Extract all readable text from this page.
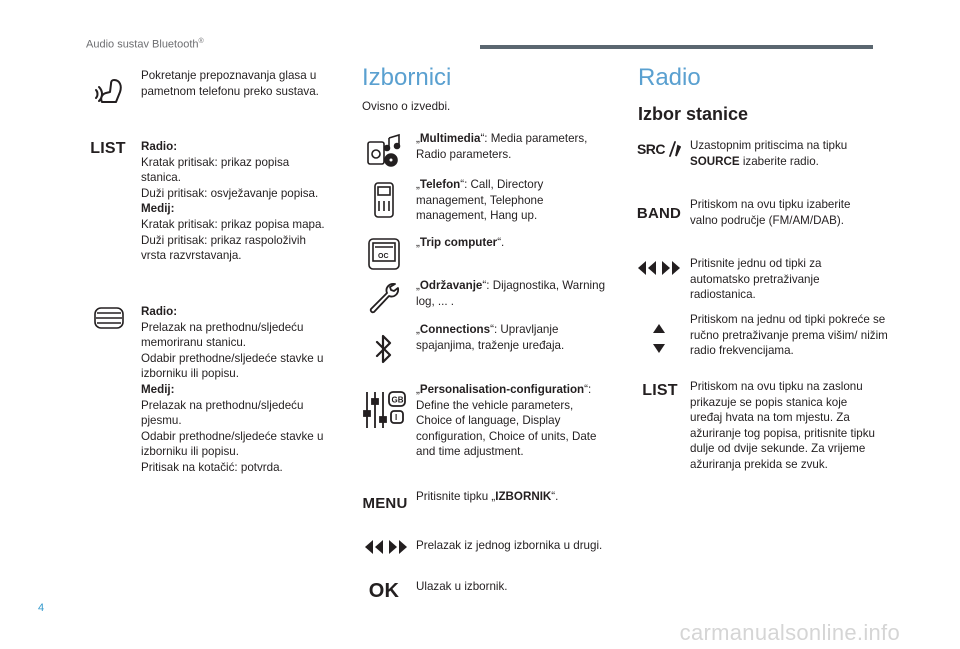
Audio sustav Bluetooth®
Pokretanje prepoznavanja glasa u pametnom telefonu preko sustava.
LIST	Radio:
Kratak pritisak: prikaz popisa
stanica.
Duži pritisak: osvježavanje popisa.
Medij:
Kratak pritisak: prikaz popisa mapa.
Duži pritisak: prikaz raspoloživih
vrsta razvrstavanja.
Radio:
Prelazak na prethodnu/sljedeću
memoriranu stanicu.
Odabir prethodne/sljedeće stavke u
izborniku ili popisu.
Medij:
Prelazak na prethodnu/sljedeću
pjesmu.
Odabir prethodne/sljedeće stavke u
izborniku ili popisu.
Pritisak na kotačić: potvrda.
Izbornici
Ovisno o izvedbi.
„Multimedia“: Media parameters, Radio parameters.
„Telefon“: Call, Directory management, Telephone management, Hang up.
OC
„Trip computer“.
„Održavanje“: Dijagnostika, Warning log, ... .
„Connections“: Upravljanje spajanjima, traženje uređaja.
GB
I
„Personalisation-configuration“: Define the vehicle parameters, Choice of language, Display configuration, Choice of units, Date and time adjustment.
MENU Pritisnite tipku „IZBORNIK“.
Prelazak iz jednog izbornika u drugi.
OK Ulazak u izbornik.
Radio
Izbor stanice
SRC Uzastopnim pritiscima na tipku
SOURCE izaberite radio.
BAND Pritiskom na ovu tipku izaberite valno područje (FM/AM/DAB).
Pritisnite jednu od tipki za automatsko pretraživanje radiostanica.
Pritiskom na jednu od tipki pokreće se ručno pretraživanje prema višim/ nižim radio frekvencijama.
LIST	Pritiskom na ovu tipku na zaslonu prikazuje se popis stanica koje uređaj hvata na tom mjestu. Za ažuriranje tog popisa, pritisnite tipku dulje od dvije sekunde. Za vrijeme ažuriranja prekida se zvuk.
4
carmanualsonline.info
